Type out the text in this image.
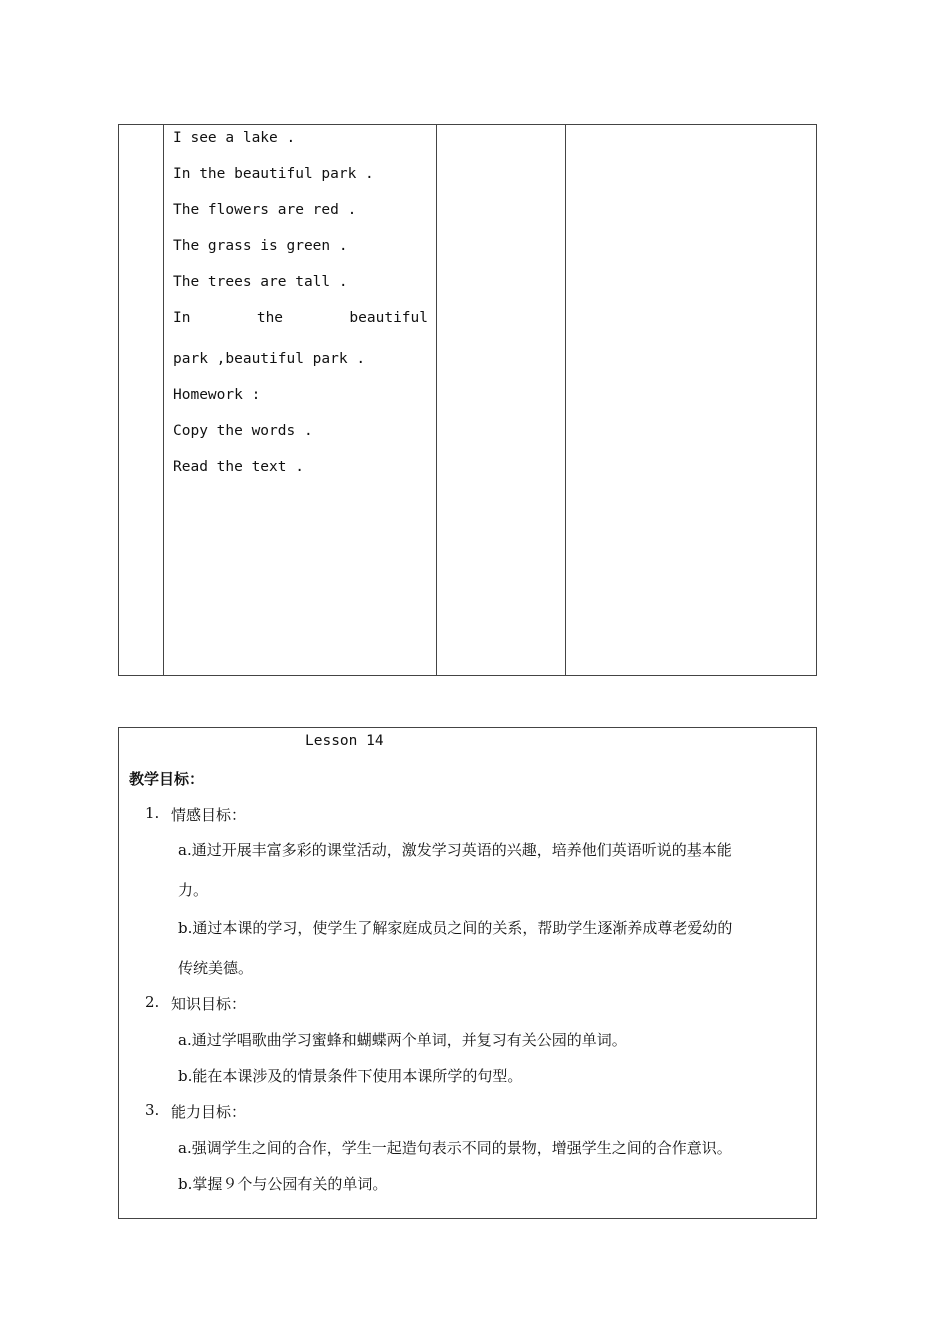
I see a lake .
In the beautiful park .
The flowers are red .
The grass is green .
The trees are tall .
In	the	beautiful
park ,beautiful park .
Homework :
Copy the words .
Read the text .
Lesson 14
教学目标：
1. 情感目标：
a.通过开展丰富多彩的课堂活动，激发学习英语的兴趣，培养他们英语听说的基本能
力。
b.通过本课的学习，使学生了解家庭成员之间的关系，帮助学生逐渐养成尊老爱幼的
传统美德。
2. 知识目标：
a.通过学唱歌曲学习蜜蜂和蝴蝶两个单词，并复习有关公园的单词。
b.能在本课涉及的情景条件下使用本课所学的句型。
3. 能力目标：
a.强调学生之间的合作，学生一起造句表示不同的景物，增强学生之间的合作意识。
b.掌握９个与公园有关的单词。
